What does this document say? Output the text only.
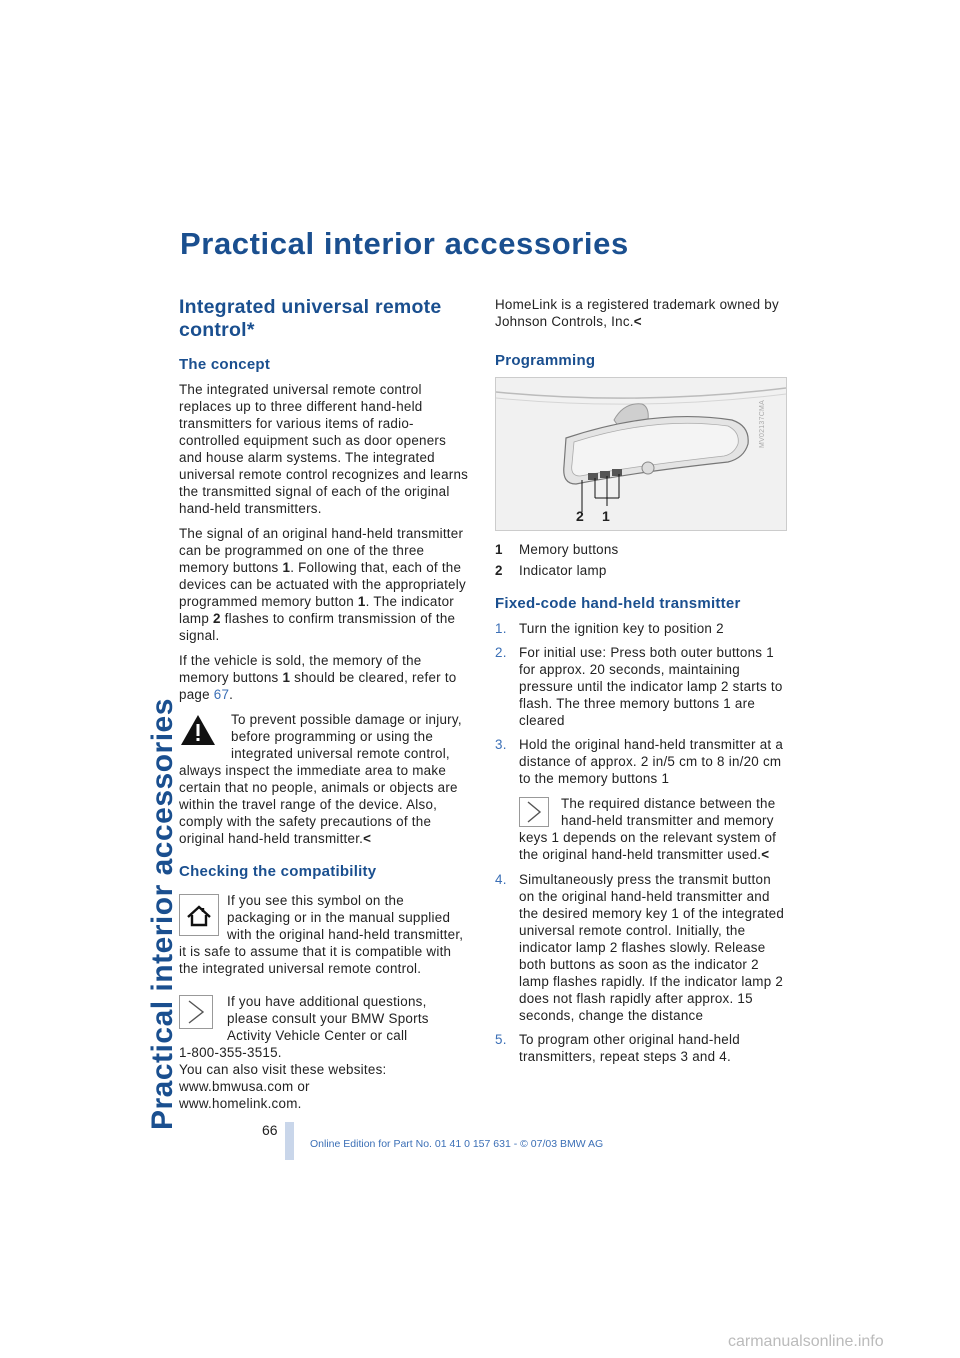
Practical interior accessories
Practical interior accessories
Integrated universal remote control*
The concept

The integrated universal remote control replaces up to three different hand-held transmitters for various items of radio-controlled equipment such as door openers and house alarm systems. The integrated universal remote control recognizes and learns the transmitted signal of each of the original hand-held transmitters.

The signal of an original hand-held transmitter can be programmed on one of the three memory buttons 1. Following that, each of the devices can be actuated with the appropriately programmed memory button 1. The indicator lamp 2 flashes to confirm transmission of the signal.

If the vehicle is sold, the memory of the memory buttons 1 should be cleared, refer to page 67.

To prevent possible damage or injury, before programming or using the integrated universal remote control, always inspect the immediate area to make certain that no people, animals or objects are within the travel range of the device. Also, comply with the safety precautions of the original hand-held transmitter.<
Checking the compatibility
If you see this symbol on the packaging or in the manual supplied with the original hand-held transmitter, it is safe to assume that it is compatible with the integrated universal remote control.
If you have additional questions, please consult your BMW Sports Activity Vehicle Center or call
1-800-355-3515.
You can also visit these websites:
www.bmwusa.com or
www.homelink.com.

HomeLink is a registered trademark owned by Johnson Controls, Inc.<

Programming
2 1
MV02137CMA
1	Memory buttons
2	Indicator lamp
Fixed-code hand-held transmitter
1. Turn the ignition key to position 2
2. For initial use: Press both outer buttons 1 for approx. 20 seconds, maintaining pressure until the indicator lamp 2 starts to flash. The three memory buttons 1 are cleared
3. Hold the original hand-held transmitter at a distance of approx. 2 in/5 cm to 8 in/20 cm to the memory buttons 1
The required distance between the hand-held transmitter and memory keys 1 depends on the relevant system of the original hand-held transmitter used.<
4. Simultaneously press the transmit button on the original hand-held transmitter and the desired memory key 1 of the integrated universal remote control. Initially, the indicator lamp 2 flashes slowly. Release both buttons as soon as the indicator 2 lamp flashes rapidly. If the indicator lamp 2 does not flash rapidly after approx. 15 seconds, change the distance
5. To program other original hand-held transmitters, repeat steps 3 and 4.
66
Online Edition for Part No. 01 41 0 157 631 - © 07/03 BMW AG
carmanualsonline.info
